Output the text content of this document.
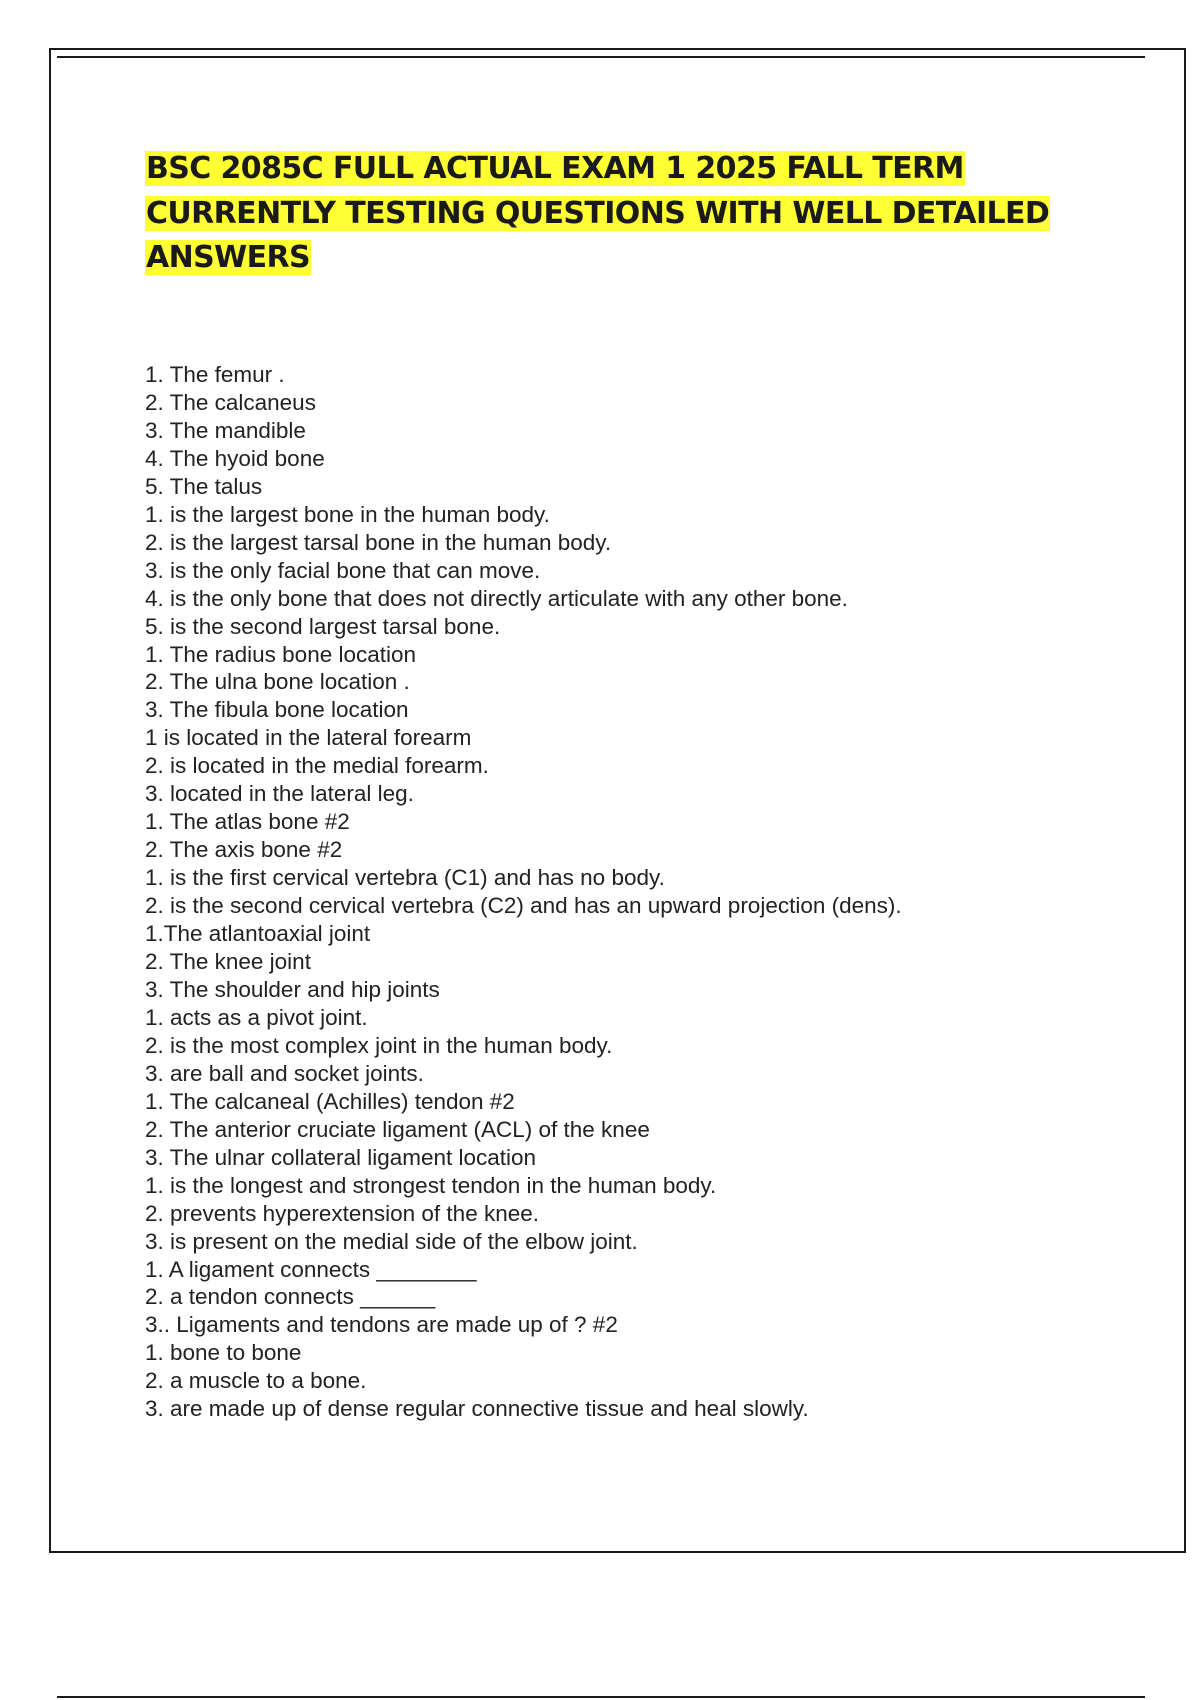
BSC 2085C FULL ACTUAL EXAM 1 2025 FALL TERM
CURRENTLY TESTING QUESTIONS WITH WELL DETAILED
ANSWERS
1. The femur .
2. The calcaneus
3. The mandible
4. The hyoid bone
5. The talus
1. is the largest bone in the human body.
2. is the largest tarsal bone in the human body.
3. is the only facial bone that can move.
4. is the only bone that does not directly articulate with any other bone.
5. is the second largest tarsal bone.
1. The radius bone location
2. The ulna bone location .
3. The fibula bone location
1 is located in the lateral forearm
2. is located in the medial forearm.
3. located in the lateral leg.
1. The atlas bone #2
2. The axis bone #2
1. is the first cervical vertebra (C1) and has no body.
2. is the second cervical vertebra (C2) and has an upward projection (dens).
1.The atlantoaxial joint
2. The knee joint
3. The shoulder and hip joints
1. acts as a pivot joint.
2. is the most complex joint in the human body.
3. are ball and socket joints.
1. The calcaneal (Achilles) tendon #2
2. The anterior cruciate ligament (ACL) of the knee
3. The ulnar collateral ligament location
1. is the longest and strongest tendon in the human body.
2. prevents hyperextension of the knee.
3. is present on the medial side of the elbow joint.
1. A ligament connects ________
2. a tendon connects ______
3.. Ligaments and tendons are made up of ? #2
1. bone to bone
2. a muscle to a bone.
3. are made up of dense regular connective tissue and heal slowly.
